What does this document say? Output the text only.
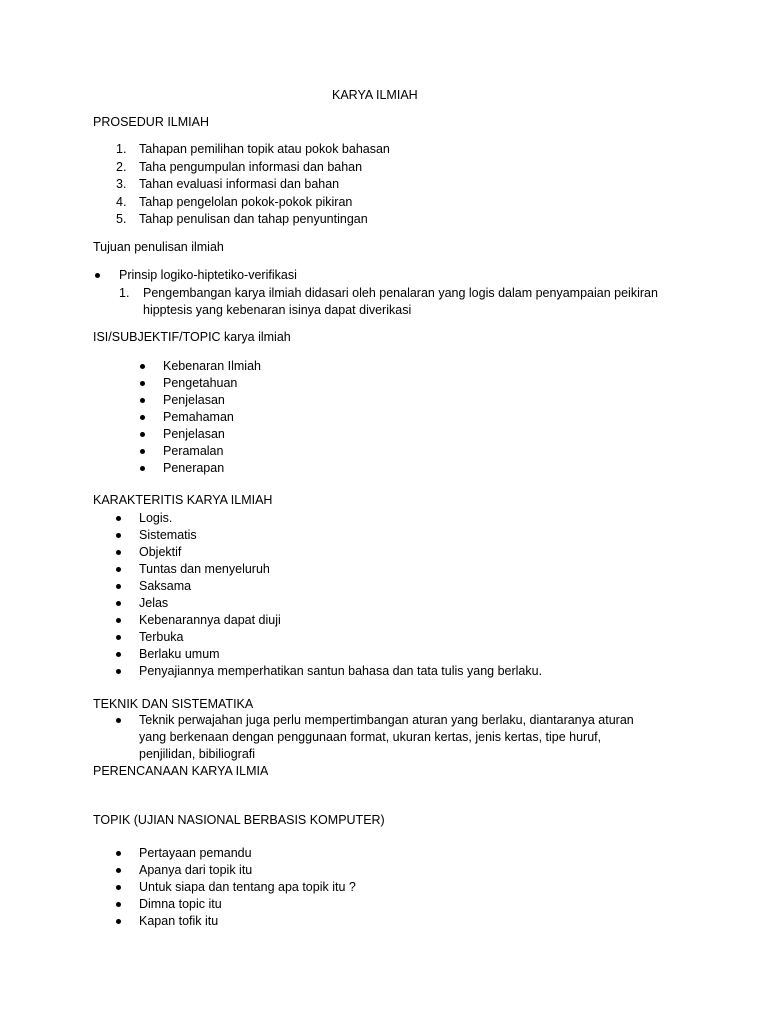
KARYA ILMIAH
PROSEDUR ILMIAH
1.	Tahapan pemilihan topik atau pokok bahasan
2.	Taha pengumpulan informasi dan bahan
3.	Tahan evaluasi informasi dan bahan
4.	Tahap pengelolan pokok-pokok pikiran
5.	Tahap penulisan dan tahap penyuntingan
Tujuan penulisan ilmiah
Prinsip logiko-hiptetiko-verifikasi
1.	Pengembangan karya ilmiah didasari oleh penalaran yang logis dalam penyampaian peikiran
hipptesis yang kebenaran isinya dapat diverikasi
ISI/SUBJEKTIF/TOPIC karya ilmiah
Kebenaran Ilmiah
Pengetahuan
Penjelasan
Pemahaman
Penjelasan
Peramalan
Penerapan
KARAKTERITIS KARYA ILMIAH
Logis.
Sistematis
Objektif
Tuntas dan menyeluruh
Saksama
Jelas
Kebenarannya dapat diuji
Terbuka
Berlaku umum
Penyajiannya memperhatikan santun bahasa dan tata tulis yang berlaku.
TEKNIK DAN SISTEMATIKA
Teknik perwajahan juga perlu mempertimbangan aturan yang berlaku, diantaranya aturan
yang berkenaan dengan penggunaan format, ukuran kertas, jenis kertas, tipe huruf,
penjilidan, bibiliografi
PERENCANAAN KARYA ILMIA
TOPIK (UJIAN NASIONAL BERBASIS KOMPUTER)
Pertayaan pemandu
Apanya dari topik itu
Untuk siapa dan tentang apa topik itu ?
Dimna topic itu
Kapan tofik itu
